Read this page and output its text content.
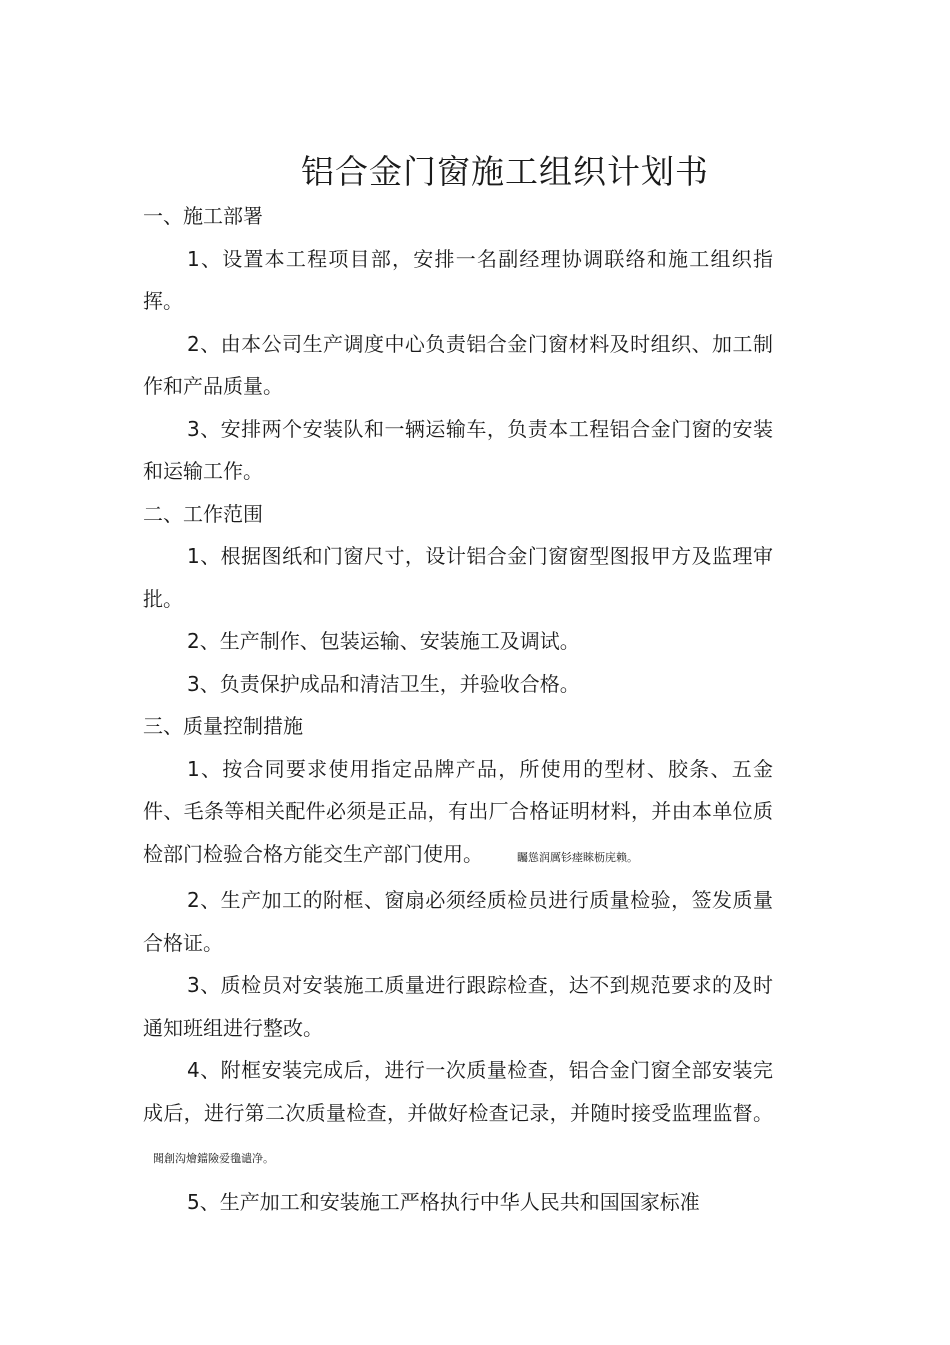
铝合金门窗施工组织计划书

一、施工部署

1、设置本工程项目部，安排一名副经理协调联络和施工组织指挥。

2、由本公司生产调度中心负责铝合金门窗材料及时组织、加工制作和产品质量。

3、安排两个安装队和一辆运输车，负责本工程铝合金门窗的安装和运输工作。

二、工作范围

1、根据图纸和门窗尺寸，设计铝合金门窗窗型图报甲方及监理审批。

2、生产制作、包装运输、安装施工及调试。

3、负责保护成品和清洁卫生，并验收合格。

三、质量控制措施

1、按合同要求使用指定品牌产品，所使用的型材、胶条、五金件、毛条等相关配件必须是正品，有出厂合格证明材料，并由本单位质检部门检验合格方能交生产部门使用。	矚慫润厲钐瘗睞枥庑赖。

2、生产加工的附框、窗扇必须经质检员进行质量检验，签发质量合格证。

3、质检员对安装施工质量进行跟踪检查，达不到规范要求的及时通知班组进行整改。

4、附框安装完成后，进行一次质量检查，铝合金门窗全部安装完成后，进行第二次质量检查，并做好检查记录，并随时接受监理监督。聞創沟燴鐺險爱氇谴净。

5、生产加工和安装施工严格执行中华人民共和国国家标准
